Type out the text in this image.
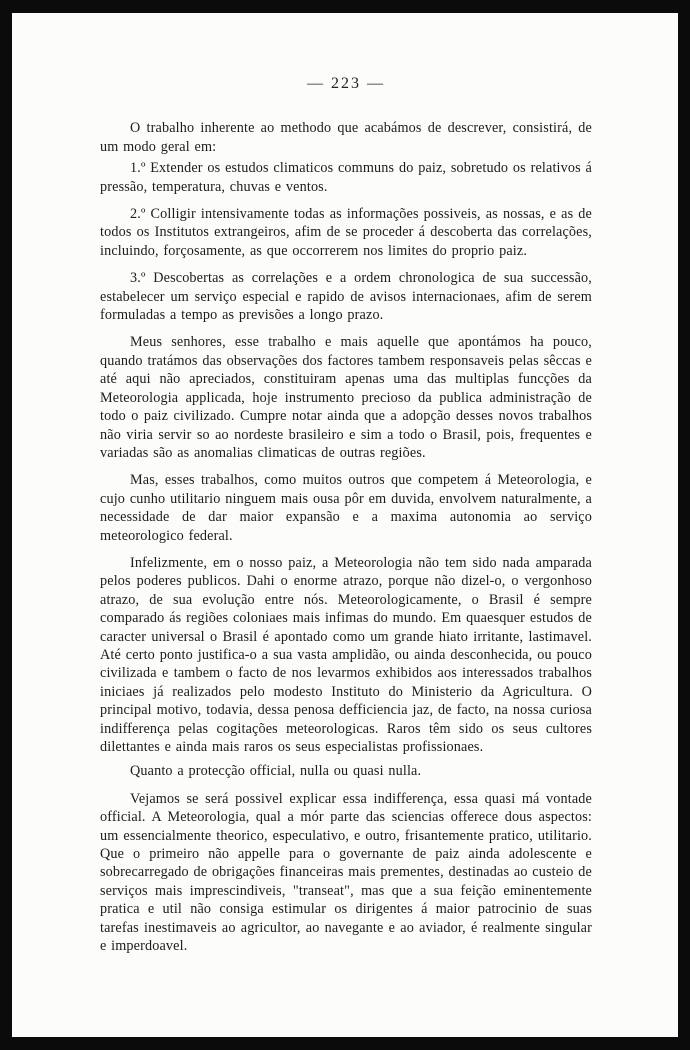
— 223 —

O trabalho inherente ao methodo que acabámos de descrever, consistirá, de um modo geral em:

1.º Extender os estudos climaticos communs do paiz, sobretudo os relativos á pressão, temperatura, chuvas e ventos.

2.º Colligir intensivamente todas as informações possiveis, as nossas, e as de todos os Institutos extrangeiros, afim de se proceder á descoberta das correlações, incluindo, forçosamente, as que occorrerem nos limites do proprio paiz.

3.º Descobertas as correlações e a ordem chronologica de sua successão, estabelecer um serviço especial e rapido de avisos internacionaes, afim de serem formuladas a tempo as previsões a longo prazo.

Meus senhores, esse trabalho e mais aquelle que apontámos ha pouco, quando tratámos das observações dos factores tambem responsaveis pelas sêccas e até aqui não apreciados, constituiram apenas uma das multiplas funcções da Meteorologia applicada, hoje instrumento precioso da publica administração de todo o paiz civilizado. Cumpre notar ainda que a adopção desses novos trabalhos não viria servir so ao nordeste brasileiro e sim a todo o Brasil, pois, frequentes e variadas são as anomalias climaticas de outras regiões.

Mas, esses trabalhos, como muitos outros que competem á Meteorologia, e cujo cunho utilitario ninguem mais ousa pôr em duvida, envolvem naturalmente, a necessidade de dar maior expansão e a maxima autonomia ao serviço meteorologico federal.

Infelizmente, em o nosso paiz, a Meteorologia não tem sido nada amparada pelos poderes publicos. Dahi o enorme atrazo, porque não dizel-o, o vergonhoso atrazo, de sua evolução entre nós. Meteorologicamente, o Brasil é sempre comparado ás regiões coloniaes mais infimas do mundo. Em quaesquer estudos de caracter universal o Brasil é apontado como um grande hiato irritante, lastimavel. Até certo ponto justifica-o a sua vasta amplidão, ou ainda desconhecida, ou pouco civilizada e tambem o facto de nos levarmos exhibidos aos interessados trabalhos iniciaes já realizados pelo modesto Instituto do Ministerio da Agricultura. O principal motivo, todavia, dessa penosa defficiencia jaz, de facto, na nossa curiosa indifferença pelas cogitações meteorologicas. Raros têm sido os seus cultores dilettantes e ainda mais raros os seus especialistas profissionaes.

Quanto a protecção official, nulla ou quasi nulla.

Vejamos se será possivel explicar essa indifferença, essa quasi má vontade official. A Meteorologia, qual a mór parte das sciencias offerece dous aspectos: um essencialmente theorico, especulativo, e outro, frisantemente pratico, utilitario. Que o primeiro não appelle para o governante de paiz ainda adolescente e sobrecarregado de obrigações financeiras mais prementes, destinadas ao custeio de serviços mais imprescindiveis, "transeat", mas que a sua feição eminentemente pratica e util não consiga estimular os dirigentes á maior patrocinio de suas tarefas inestimaveis ao agricultor, ao navegante e ao aviador, é realmente singular e imperdoavel.
